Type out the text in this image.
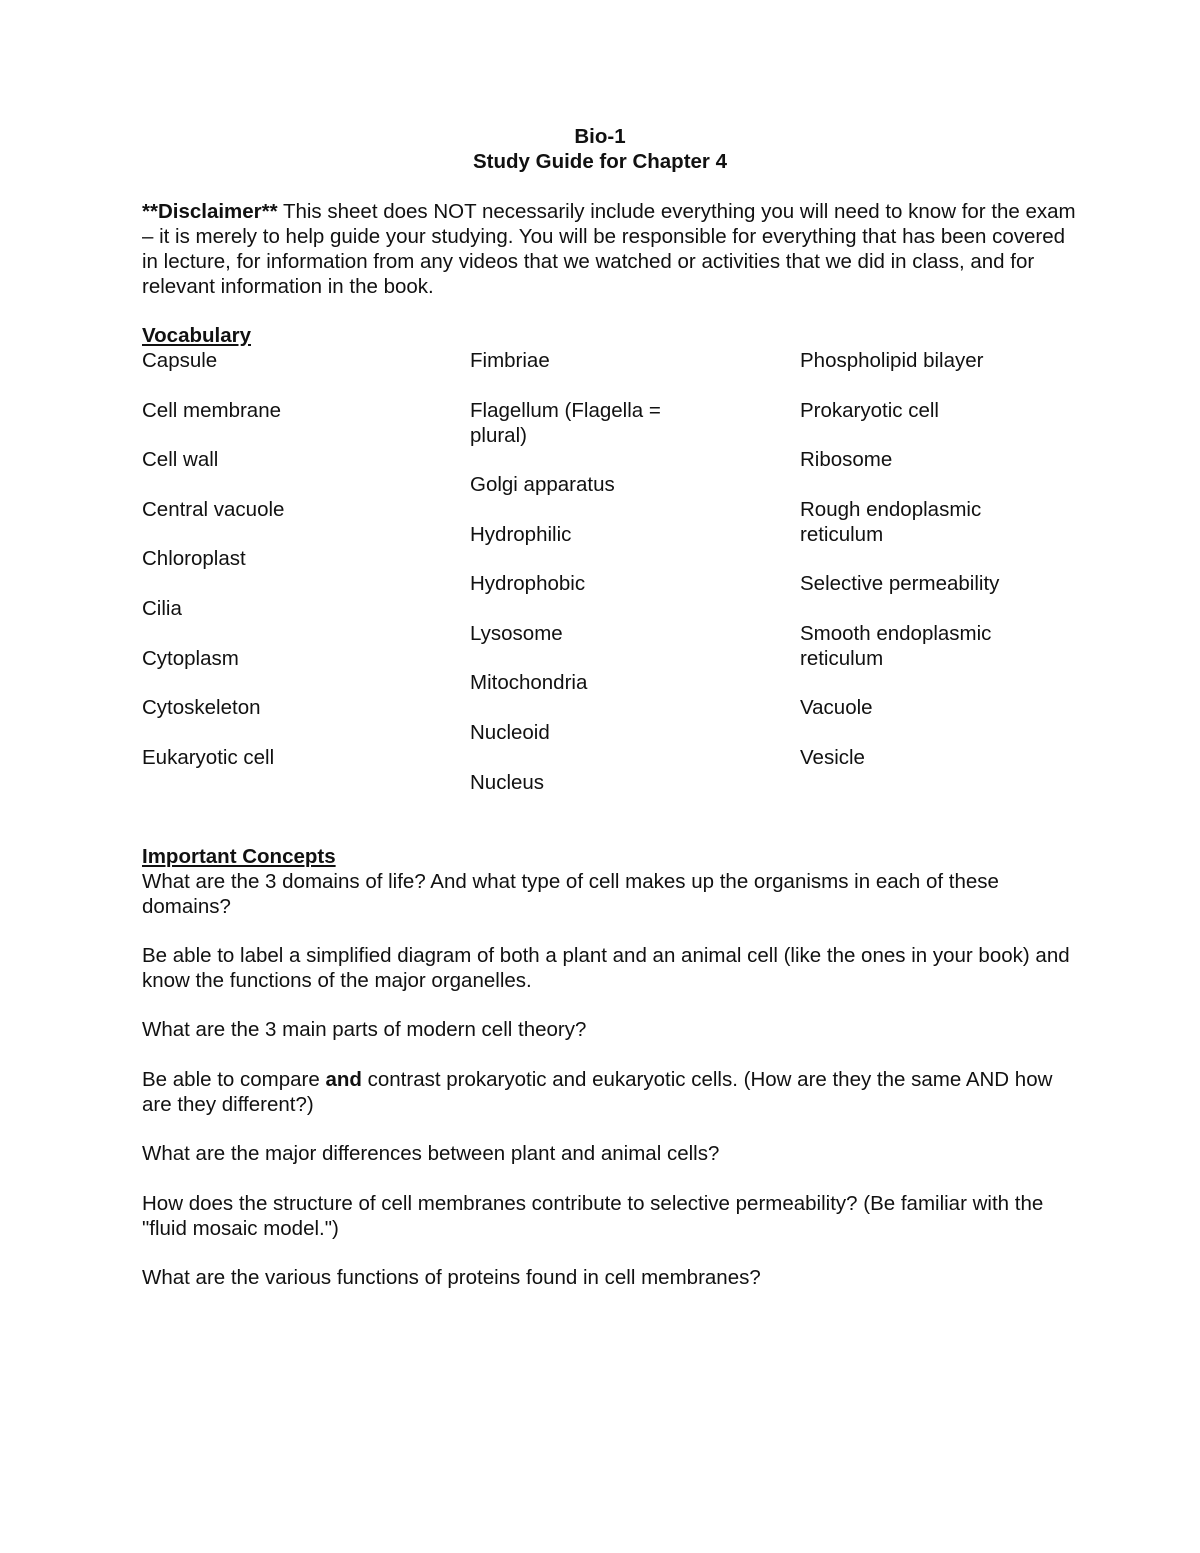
Bio-1
Study Guide for Chapter 4

**Disclaimer** This sheet does NOT necessarily include everything you will need to know for the exam – it is merely to help guide your studying. You will be responsible for everything that has been covered in lecture, for information from any videos that we watched or activities that we did in class, and for relevant information in the book.

Vocabulary
Capsule
Cell membrane
Cell wall
Central vacuole
Chloroplast
Cilia
Cytoplasm
Cytoskeleton
Eukaryotic cell
Fimbriae
Flagellum (Flagella =
plural)
Golgi apparatus
Hydrophilic
Hydrophobic
Lysosome
Mitochondria
Nucleoid
Nucleus
Phospholipid bilayer
Prokaryotic cell
Ribosome
Rough endoplasmic
reticulum
Selective permeability
Smooth endoplasmic
reticulum
Vacuole
Vesicle
Important Concepts

What are the 3 domains of life? And what type of cell makes up the organisms in each of these domains?

Be able to label a simplified diagram of both a plant and an animal cell (like the ones in your book) and know the functions of the major organelles.

What are the 3 main parts of modern cell theory?

Be able to compare and contrast prokaryotic and eukaryotic cells. (How are they the same AND how are they different?)

What are the major differences between plant and animal cells?

How does the structure of cell membranes contribute to selective permeability? (Be familiar with the "fluid mosaic model.")

What are the various functions of proteins found in cell membranes?
